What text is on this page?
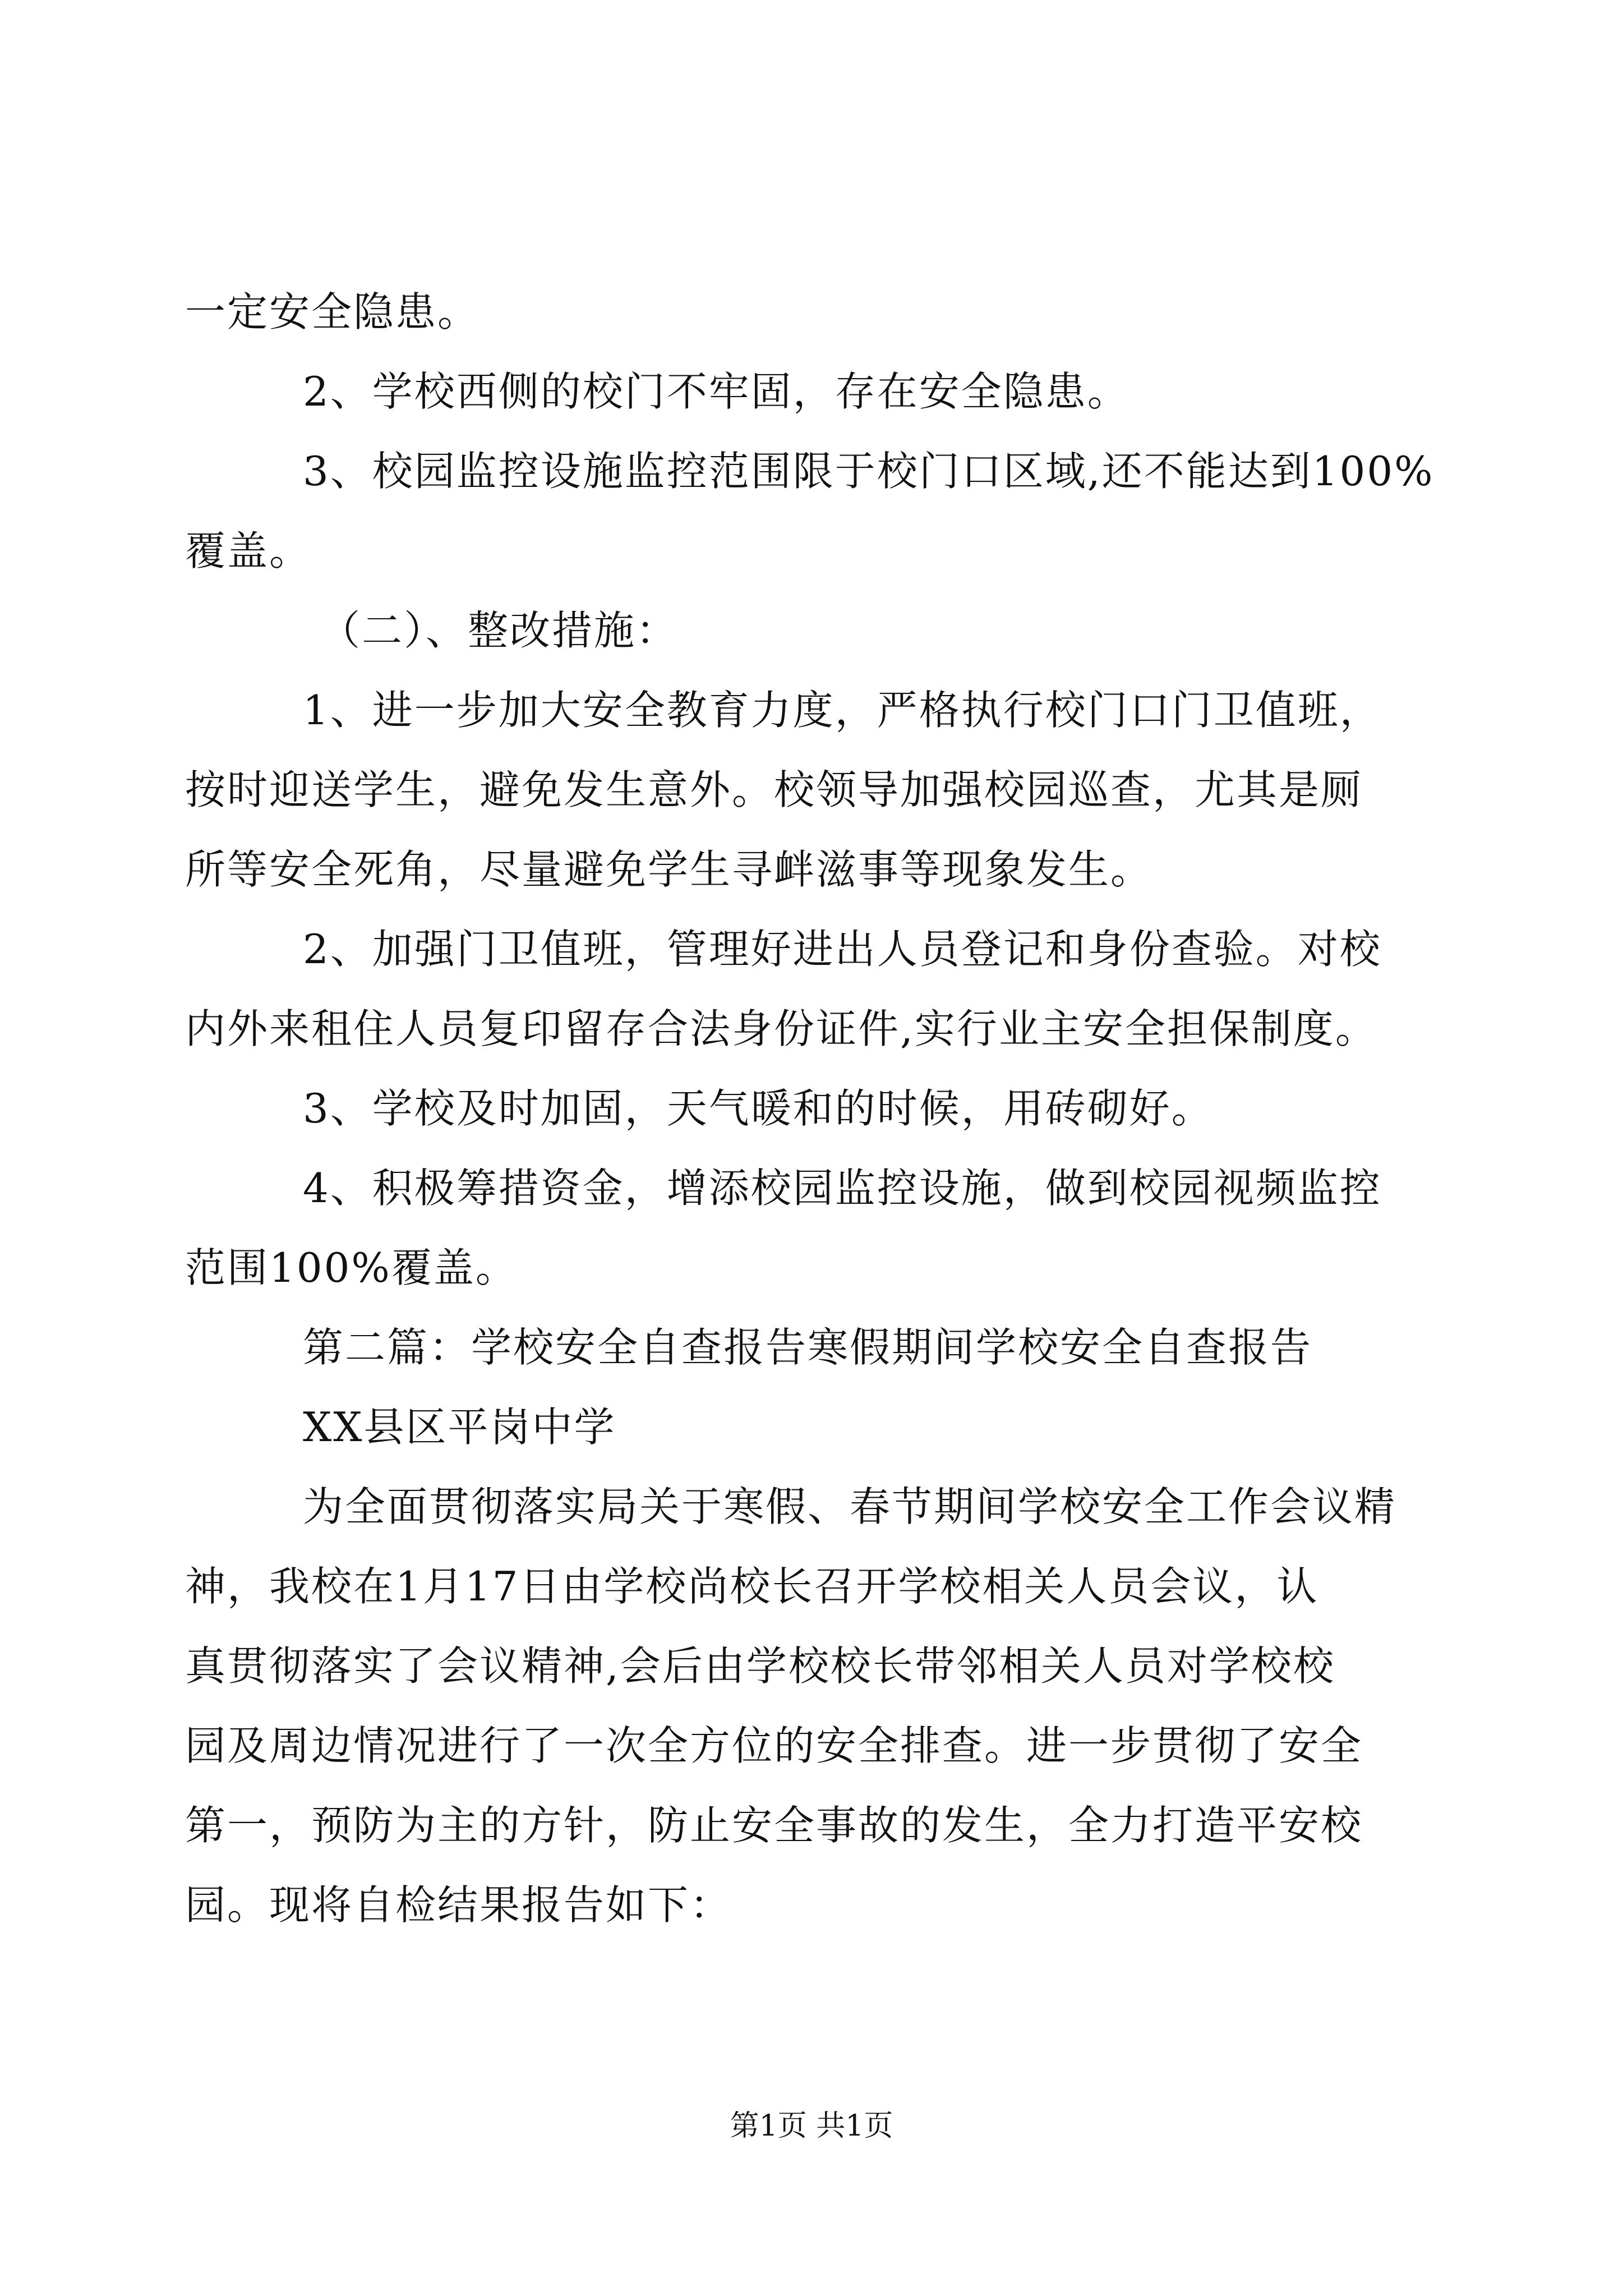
一定安全隐患。
2、学校西侧的校门不牢固，存在安全隐患。
3、校园监控设施监控范围限于校门口区域,还不能达到100%
覆盖。
（二）、整改措施：
1、进一步加大安全教育力度，严格执行校门口门卫值班，
按时迎送学生，避免发生意外。校领导加强校园巡查，尤其是厕
所等安全死角，尽量避免学生寻衅滋事等现象发生。
2、加强门卫值班，管理好进出人员登记和身份查验。对校
内外来租住人员复印留存合法身份证件,实行业主安全担保制度。
3、学校及时加固，天气暖和的时候，用砖砌好。
4、积极筹措资金，增添校园监控设施，做到校园视频监控
范围100%覆盖。
第二篇：学校安全自查报告寒假期间学校安全自查报告
XX县区平岗中学
为全面贯彻落实局关于寒假、春节期间学校安全工作会议精
神，我校在1月17日由学校尚校长召开学校相关人员会议，认
真贯彻落实了会议精神,会后由学校校长带邻相关人员对学校校
园及周边情况进行了一次全方位的安全排查。进一步贯彻了安全
第一，预防为主的方针，防止安全事故的发生，全力打造平安校
园。现将自检结果报告如下：
第1页 共1页
